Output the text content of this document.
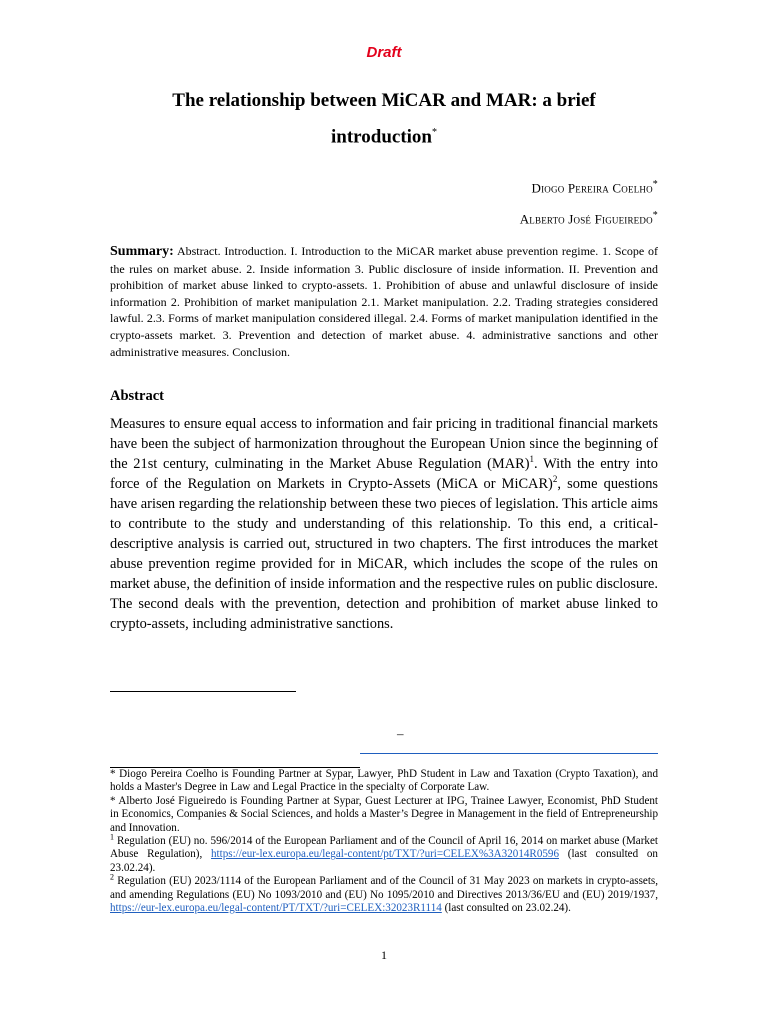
Draft
The relationship between MiCAR and MAR: a brief
introduction*
Diogo Pereira Coelho*
Alberto José Figueiredo*
Summary: Abstract. Introduction. I. Introduction to the MiCAR market abuse prevention regime. 1. Scope of the rules on market abuse. 2. Inside information 3. Public disclosure of inside information. II. Prevention and prohibition of market abuse linked to crypto-assets. 1. Prohibition of abuse and unlawful disclosure of inside information 2. Prohibition of market manipulation 2.1. Market manipulation. 2.2. Trading strategies considered lawful. 2.3. Forms of market manipulation considered illegal. 2.4. Forms of market manipulation identified in the crypto-assets market. 3. Prevention and detection of market abuse. 4. administrative sanctions and other administrative measures. Conclusion.
Abstract
Measures to ensure equal access to information and fair pricing in traditional financial markets have been the subject of harmonization throughout the European Union since the beginning of the 21st century, culminating in the Market Abuse Regulation (MAR)$^1$. With the entry into force of the Regulation on Markets in Crypto-Assets (MiCA or MiCAR)$^2$, some questions have arisen regarding the relationship between these two pieces of legislation. This article aims to contribute to the study and understanding of this relationship. To this end, a critical-descriptive analysis is carried out, structured in two chapters. The first introduces the market abuse prevention regime provided for in MiCAR, which includes the scope of the rules on market abuse, the definition of inside information and the respective rules on public disclosure. The second deals with the prevention, detection and prohibition of market abuse linked to crypto-assets, including administrative sanctions.
–

* Diogo Pereira Coelho is Founding Partner at Sypar, Lawyer, PhD Student in Law and Taxation (Crypto Taxation), and holds a Master's Degree in Law and Legal Practice in the specialty of Corporate Law.

* Alberto José Figueiredo is Founding Partner at Sypar, Guest Lecturer at IPG, Trainee Lawyer, Economist, PhD Student in Economics, Companies & Social Sciences, and holds a Master’s Degree in Management in the field of Entrepreneurship and Innovation.

$^1$ Regulation (EU) no. 596/2014 of the European Parliament and of the Council of April 16, 2014 on market abuse (Market Abuse Regulation), https://eur-lex.europa.eu/legal-content/pt/TXT/?uri=CELEX%3A32014R0596 (last consulted on 23.02.24).

$^2$ Regulation (EU) 2023/1114 of the European Parliament and of the Council of 31 May 2023 on markets in crypto-assets, and amending Regulations (EU) No 1093/2010 and (EU) No 1095/2010 and Directives 2013/36/EU and (EU) 2019/1937, https://eur-lex.europa.eu/legal-content/PT/TXT/?uri=CELEX:32023R1114 (last consulted on 23.02.24).

1
